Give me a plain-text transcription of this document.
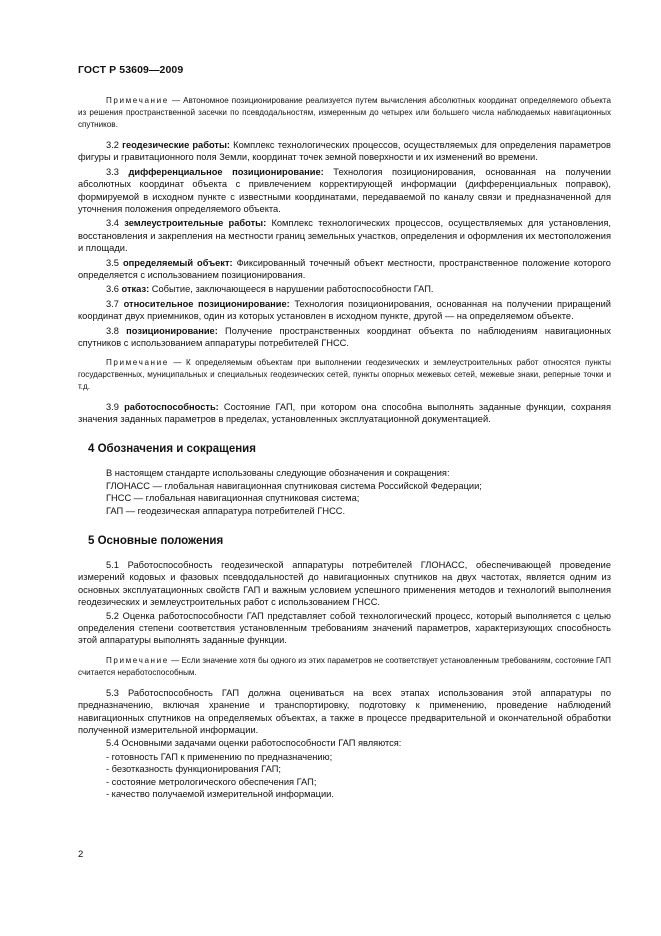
ГОСТ Р 53609—2009

Примечание — Автономное позиционирование реализуется путем вычисления абсолютных координат определяемого объекта из решения пространственной засечки по псевдодальностям, измеренным до четырех или большего числа наблюдаемых навигационных спутников.

3.2 геодезические работы: Комплекс технологических процессов, осуществляемых для определения параметров фигуры и гравитационного поля Земли, координат точек земной поверхности и их изменений во времени.

3.3 дифференциальное позиционирование: Технология позиционирования, основанная на получении абсолютных координат объекта с привлечением корректирующей информации (дифференциальных поправок), формируемой в исходном пункте с известными координатами, передаваемой по каналу связи и предназначенной для уточнения положения определяемого объекта.

3.4 землеустроительные работы: Комплекс технологических процессов, осуществляемых для установления, восстановления и закрепления на местности границ земельных участков, определения и оформления их местоположения и площади.

3.5 определяемый объект: Фиксированный точечный объект местности, пространственное положение которого определяется с использованием позиционирования.

3.6 отказ: Событие, заключающееся в нарушении работоспособности ГАП.

3.7 относительное позиционирование: Технология позиционирования, основанная на получении приращений координат двух приемников, один из которых установлен в исходном пункте, другой — на определяемом объекте.

3.8 позиционирование: Получение пространственных координат объекта по наблюдениям навигационных спутников с использованием аппаратуры потребителей ГНСС.

Примечание — К определяемым объектам при выполнении геодезических и землеустроительных работ относятся пункты государственных, муниципальных и специальных геодезических сетей, пункты опорных межевых сетей, межевые знаки, реперные точки и т.д.

3.9 работоспособность: Состояние ГАП, при котором она способна выполнять заданные функции, сохраняя значения заданных параметров в пределах, установленных эксплуатационной документацией.

4 Обозначения и сокращения

В настоящем стандарте использованы следующие обозначения и сокращения:

ГЛОНАСС — глобальная навигационная спутниковая система Российской Федерации;

ГНСС — глобальная навигационная спутниковая система;

ГАП — геодезическая аппаратура потребителей ГНСС.

5 Основные положения

5.1 Работоспособность геодезической аппаратуры потребителей ГЛОНАСС, обеспечивающей проведение измерений кодовых и фазовых псевдодальностей до навигационных спутников на двух частотах, является одним из основных эксплуатационных свойств ГАП и важным условием успешного применения методов и технологий выполнения геодезических и землеустроительных работ с использованием ГНСС.

5.2 Оценка работоспособности ГАП представляет собой технологический процесс, который выполняется с целью определения степени соответствия установленным требованиям значений параметров, характеризующих способность этой аппаратуры выполнять заданные функции.

Примечание — Если значение хотя бы одного из этих параметров не соответствует установленным требованиям, состояние ГАП считается неработоспособным.

5.3 Работоспособность ГАП должна оцениваться на всех этапах использования этой аппаратуры по предназначению, включая хранение и транспортировку, подготовку к применению, проведение наблюдений навигационных спутников на определяемых объектах, а также в процессе предварительной и окончательной обработки полученной измерительной информации.

5.4 Основными задачами оценки работоспособности ГАП являются:

- готовность ГАП к применению по предназначению;

- безотказность функционирования ГАП;

- состояние метрологического обеспечения ГАП;

- качество получаемой измерительной информации.

2
